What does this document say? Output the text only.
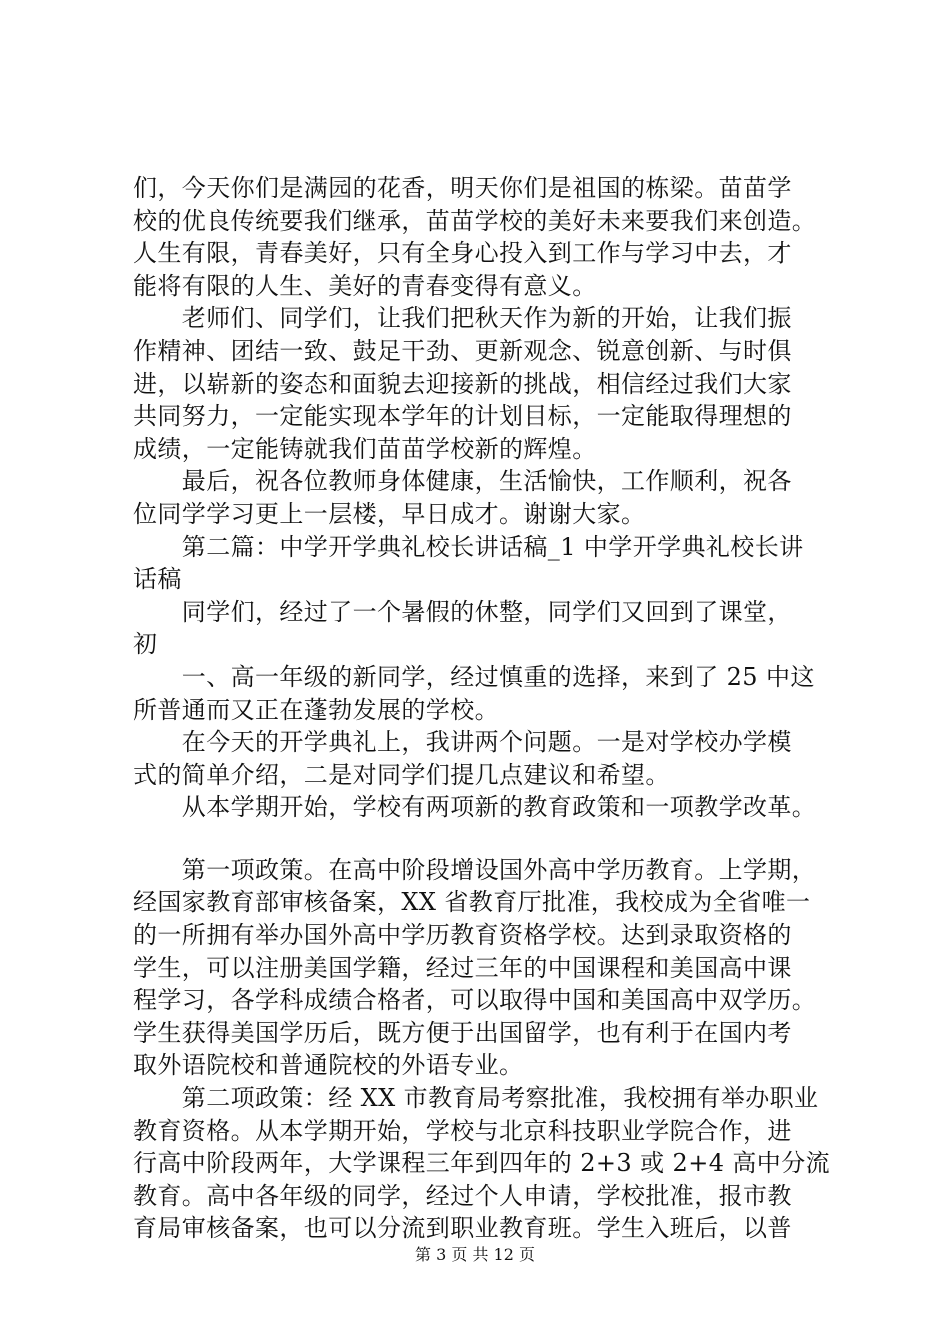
们，今天你们是满园的花香，明天你们是祖国的栋梁。苗苗学
校的优良传统要我们继承，苗苗学校的美好未来要我们来创造。
人生有限，青春美好，只有全身心投入到工作与学习中去，才
能将有限的人生、美好的青春变得有意义。
　　老师们、同学们，让我们把秋天作为新的开始，让我们振
作精神、团结一致、鼓足干劲、更新观念、锐意创新、与时俱
进，以崭新的姿态和面貌去迎接新的挑战，相信经过我们大家
共同努力，一定能实现本学年的计划目标，一定能取得理想的
成绩，一定能铸就我们苗苗学校新的辉煌。
　　最后，祝各位教师身体健康，生活愉快，工作顺利，祝各
位同学学习更上一层楼，早日成才。谢谢大家。
　　第二篇：中学开学典礼校长讲话稿_1 中学开学典礼校长讲
话稿
　　同学们，经过了一个暑假的休整，同学们又回到了课堂，
初
　　一、高一年级的新同学，经过慎重的选择，来到了 25 中这
所普通而又正在蓬勃发展的学校。
　　在今天的开学典礼上，我讲两个问题。一是对学校办学模
式的简单介绍，二是对同学们提几点建议和希望。
　　从本学期开始，学校有两项新的教育政策和一项教学改革。
　　第一项政策。在高中阶段增设国外高中学历教育。上学期，
经国家教育部审核备案，XX 省教育厅批准，我校成为全省唯一
的一所拥有举办国外高中学历教育资格学校。达到录取资格的
学生，可以注册美国学籍，经过三年的中国课程和美国高中课
程学习，各学科成绩合格者，可以取得中国和美国高中双学历。
学生获得美国学历后，既方便于出国留学，也有利于在国内考
取外语院校和普通院校的外语专业。
　　第二项政策：经 XX 市教育局考察批准，我校拥有举办职业
教育资格。从本学期开始，学校与北京科技职业学院合作，进
行高中阶段两年，大学课程三年到四年的 2+3 或 2+4 高中分流
教育。高中各年级的同学，经过个人申请，学校批准，报市教
育局审核备案，也可以分流到职业教育班。学生入班后，以普
第 3 页 共 12 页
